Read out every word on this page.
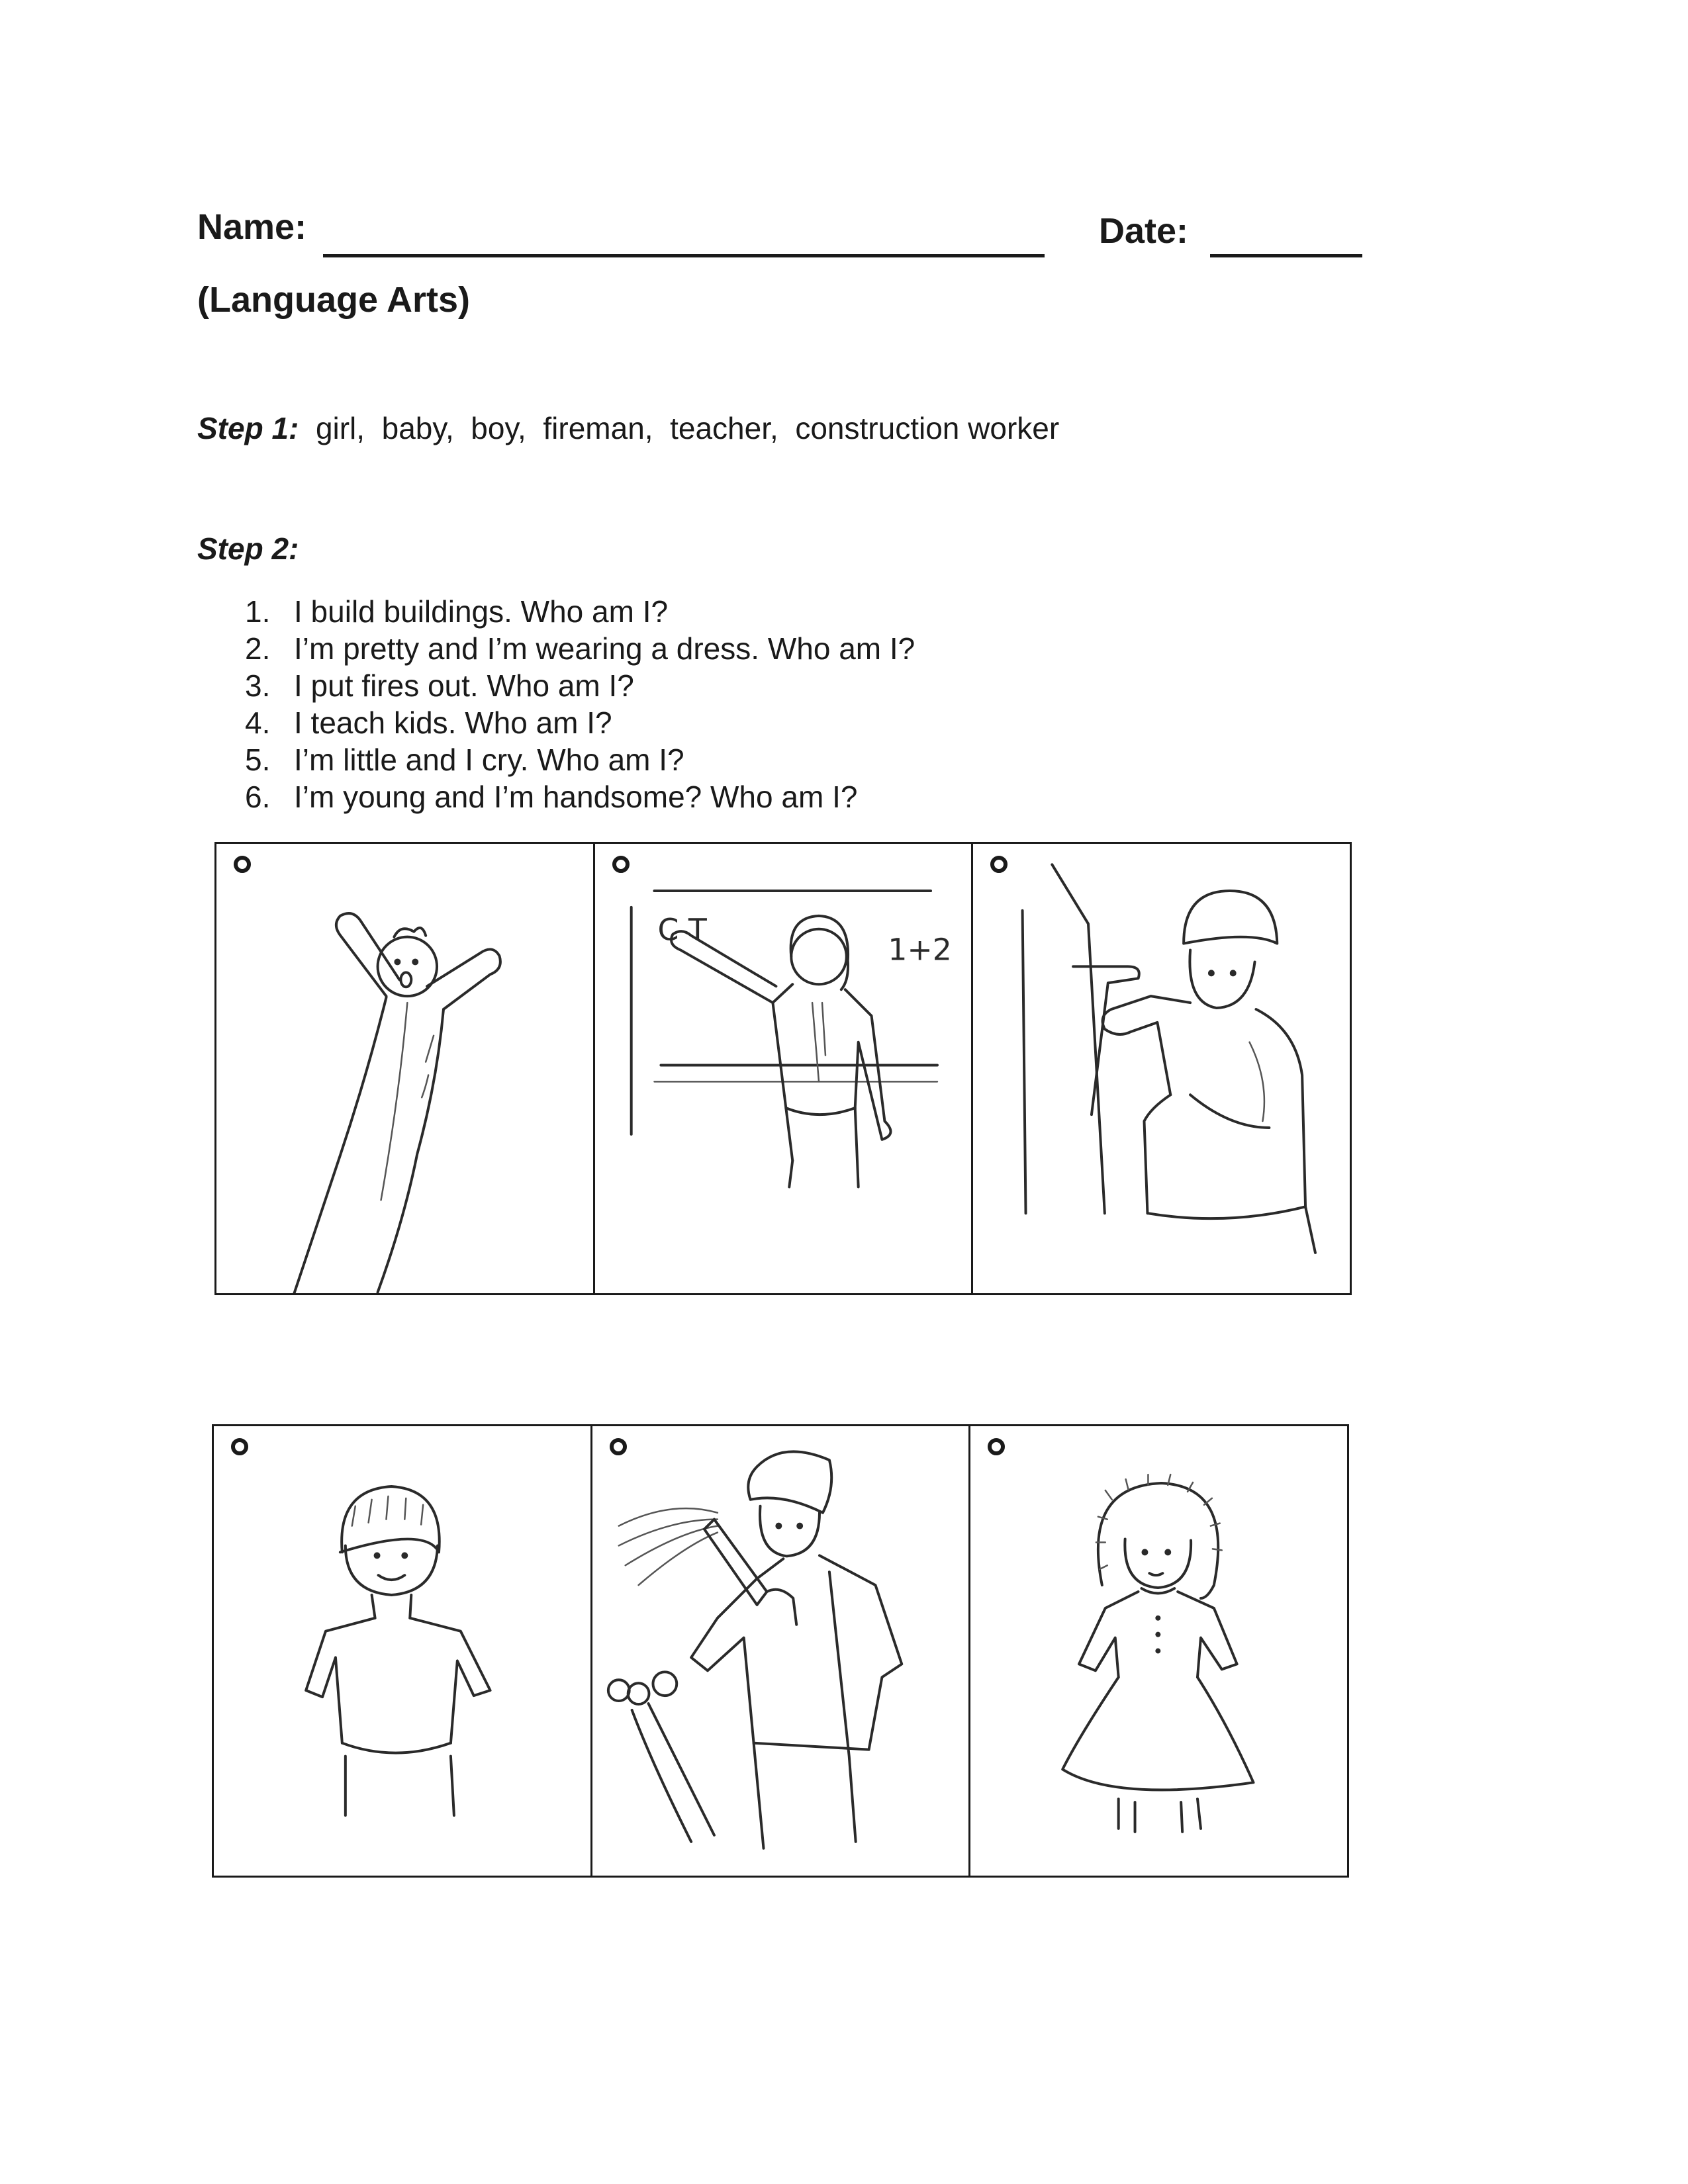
Name:	Date:
(Language Arts)
Step 1: girl,  baby,  boy,  fireman,  teacher,  construction worker
Step 2:
1. I build buildings. Who am I?
2. I’m pretty and I’m wearing a dress. Who am I?
3. I put fires out. Who am I?
4. I teach kids. Who am I?
5. I’m little and I cry. Who am I?
6. I’m young and I’m handsome? Who am I?
C T
1+2
